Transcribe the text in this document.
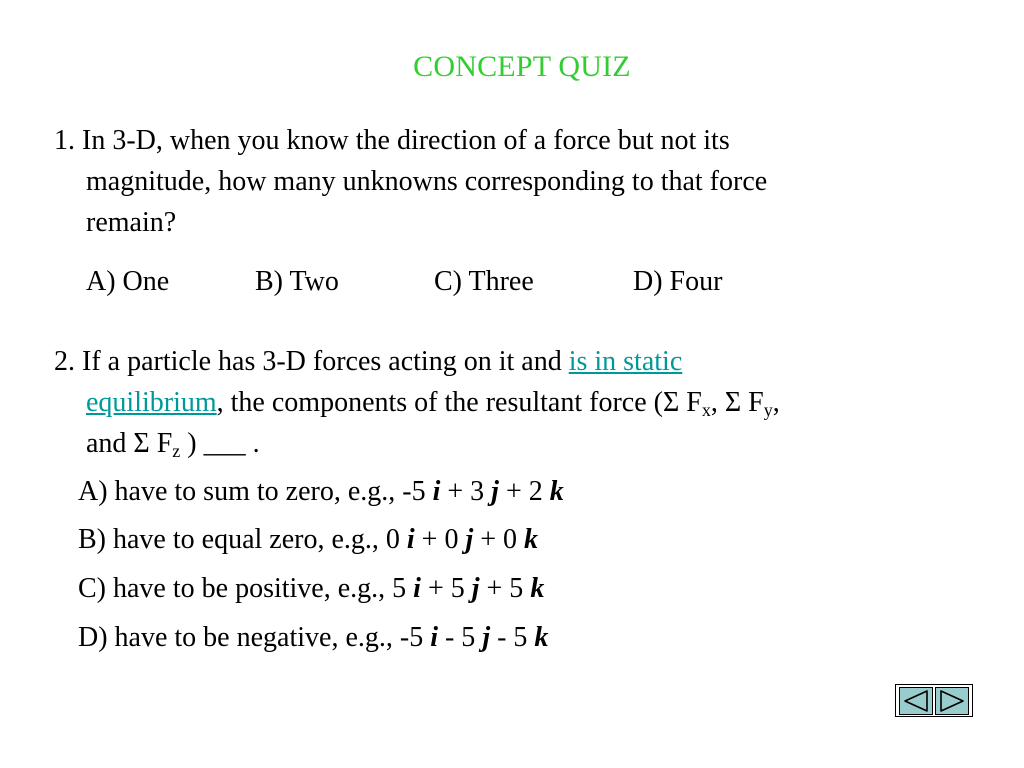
CONCEPT QUIZ
1. In 3-D, when you know the direction of a force but not its
magnitude, how many unknowns corresponding to that force
remain?
A) One	B) Two	C) Three	D) Four
2. If a particle has 3-D forces acting on it and is in static
equilibrium, the components of the resultant force (Σ $F_x$, Σ $F_y$,
and Σ $F_z$ ) ___ .
A) have to sum to zero, e.g., -5 i + 3 j + 2 k
B) have to equal zero, e.g., 0 i + 0 j + 0 k
C) have to be positive, e.g., 5 i + 5 j + 5 k
D) have to be negative, e.g., -5 i - 5 j - 5 k
